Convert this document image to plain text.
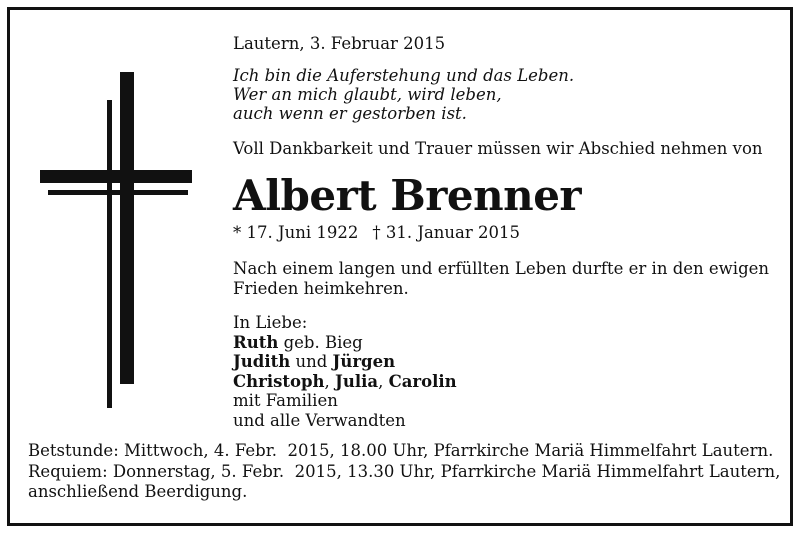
Lautern, 3. Februar 2015
Ich bin die Auferstehung und das Leben.
Wer an mich glaubt, wird leben,
auch wenn er gestorben ist.
Voll Dankbarkeit und Trauer müssen wir Abschied nehmen von
Albert Brenner
* 17. Juni 1922 † 31. Januar 2015
Nach einem langen und erfüllten Leben durfte er in den ewigen
Frieden heimkehren.
In Liebe:
Ruth geb. Bieg
Judith und Jürgen
Christoph, Julia, Carolin
mit Familien
und alle Verwandten
Betstunde: Mittwoch, 4. Febr.  2015, 18.00 Uhr, Pfarrkirche Mariä Himmelfahrt Lautern.
Requiem: Donnerstag, 5. Febr.  2015, 13.30 Uhr, Pfarrkirche Mariä Himmelfahrt Lautern,
anschließend Beerdigung.
